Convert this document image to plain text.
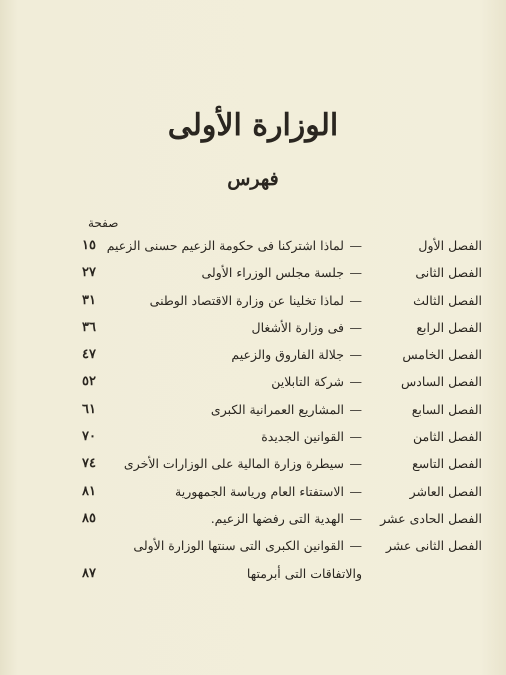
الوزارة الأولى
فهرس
صفحة
الفصل الأول
—
لماذا اشتركنا فى حكومة الزعيم حسنى الزعيم
١٥
الفصل الثانى
—
جلسة مجلس الوزراء الأولى
٢٧
الفصل الثالث
—
لماذا تخلينا عن وزارة الاقتصاد الوطنى
٣١
الفصل الرابع
—
فى وزارة الأشغال
٣٦
الفصل الخامس
—
جلالة الفاروق والزعيم
٤٧
الفصل السادس
—
شركة التابلاين
٥٢
الفصل السابع
—
المشاريع العمرانية الكبرى
٦١
الفصل الثامن
—
القوانين الجديدة
٧٠
الفصل التاسع
—
سيطرة وزارة المالية على الوزارات الأخرى
٧٤
الفصل العاشر
—
الاستفتاء العام ورياسة الجمهورية
٨١
الفصل الحادى عشر
—
الهدية التى رفضها الزعيم.
٨٥
الفصل الثانى عشر
—
القوانين الكبرى التى سنتها الوزارة الأولى
والاتفاقات التى أبرمتها
٨٧
